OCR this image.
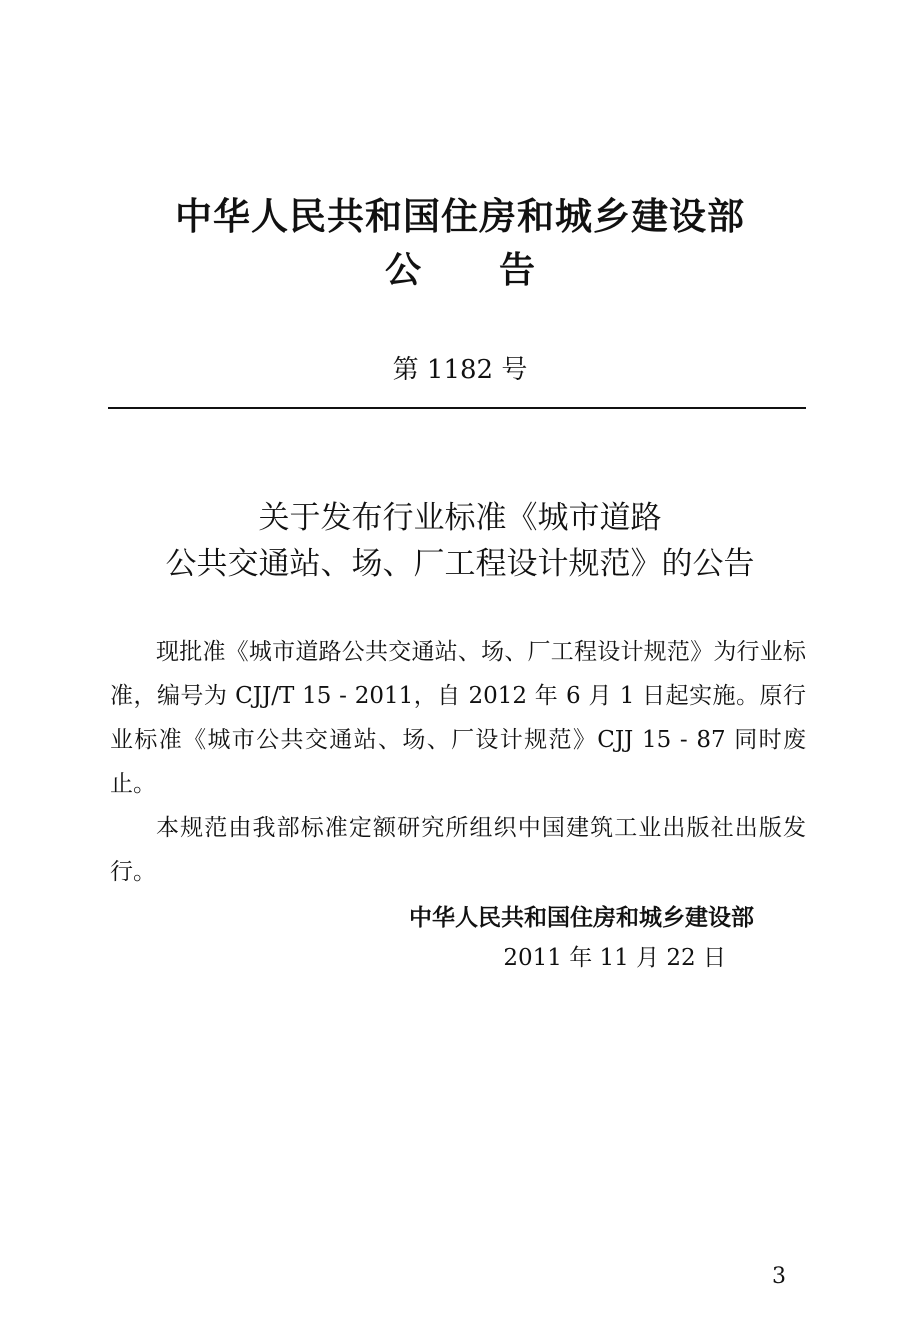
中华人民共和国住房和城乡建设部
公告
第 1182 号
关于发布行业标准《城市道路
公共交通站、场、厂工程设计规范》的公告

现批准《城市道路公共交通站、场、厂工程设计规范》为行业标准，编号为 CJJ/T 15 - 2011，自 2012 年 6 月 1 日起实施。原行业标准《城市公共交通站、场、厂设计规范》CJJ 15 - 87 同时废止。

本规范由我部标准定额研究所组织中国建筑工业出版社出版发行。

中华人民共和国住房和城乡建设部
2011 年 11 月 22 日
3
